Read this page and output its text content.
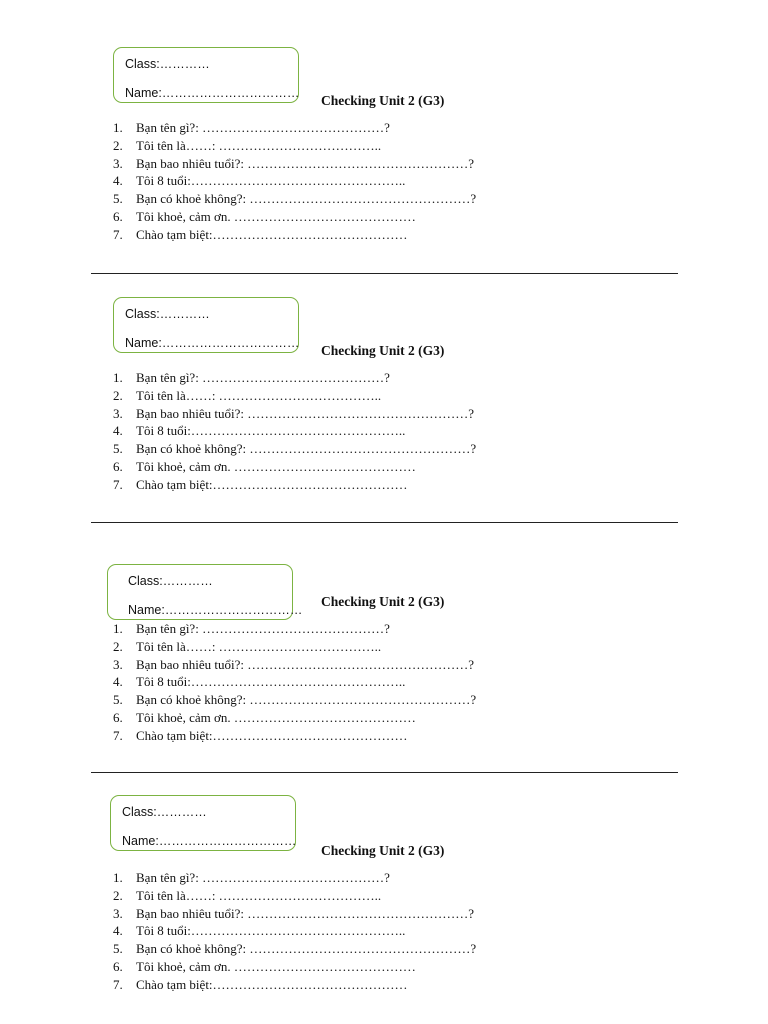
Class:…………
Name:…………………………… Checking Unit 2 (G3)
1. Bạn tên gì?: ……………………………………?
2. Tôi tên là……: ………………………………..
3. Bạn bao nhiêu tuổi?: ……………………………………………?
4. Tôi 8 tuổi:…………………………………………..
5. Bạn có khoẻ không?: ……………………………………………?
6. Tôi khoẻ, cảm ơn. ……………………………………
7. Chào tạm biệt:………………………………………
Class:…………
Name:…………………………… Checking Unit 2 (G3)
1. Bạn tên gì?: ……………………………………?
2. Tôi tên là……: ………………………………..
3. Bạn bao nhiêu tuổi?: ……………………………………………?
4. Tôi 8 tuổi:…………………………………………..
5. Bạn có khoẻ không?: ……………………………………………?
6. Tôi khoẻ, cảm ơn. ……………………………………
7. Chào tạm biệt:………………………………………
Class:…………
Name:……………………………
Checking Unit 2 (G3)
1. Bạn tên gì?: ……………………………………?
2. Tôi tên là……: ………………………………..
3. Bạn bao nhiêu tuổi?: ……………………………………………?
4. Tôi 8 tuổi:…………………………………………..
5. Bạn có khoẻ không?: ……………………………………………?
6. Tôi khoẻ, cảm ơn. ……………………………………
7. Chào tạm biệt:………………………………………
Class:…………
Name:……………………………
Checking Unit 2 (G3)
1. Bạn tên gì?: ……………………………………?
2. Tôi tên là……: ………………………………..
3. Bạn bao nhiêu tuổi?: ……………………………………………?
4. Tôi 8 tuổi:…………………………………………..
5. Bạn có khoẻ không?: ……………………………………………?
6. Tôi khoẻ, cảm ơn. ……………………………………
7. Chào tạm biệt:………………………………………
